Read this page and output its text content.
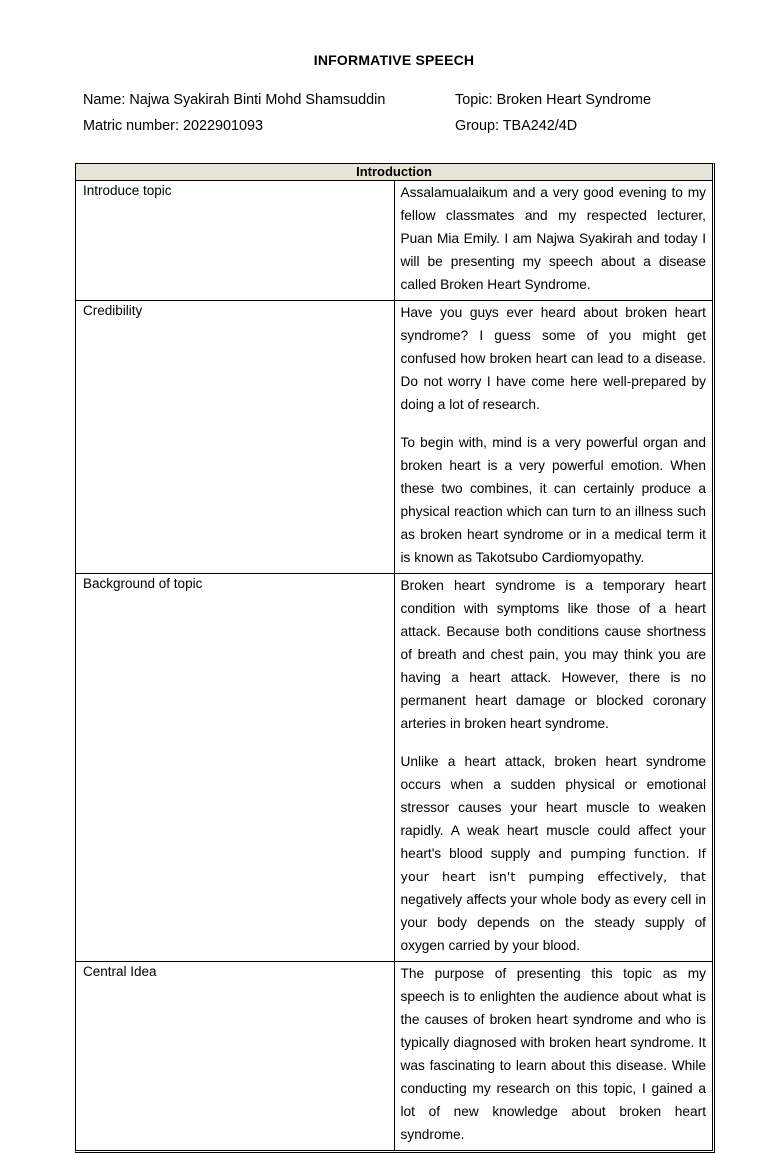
INFORMATIVE SPEECH
Name: Najwa Syakirah Binti Mohd Shamsuddin	Topic: Broken Heart Syndrome
Matric number: 2022901093	Group: TBA242/4D
Introduction	
Introduce topic	Assalamualaikum and a very good evening to my fellow classmates and my respected lecturer, Puan Mia Emily. I am Najwa Syakirah and today I will be presenting my speech about a disease called Broken Heart Syndrome.

Credibility	Have you guys ever heard about broken heart syndrome? I guess some of you might get confused how broken heart can lead to a disease. Do not worry I have come here well-prepared by doing a lot of research.

To begin with, mind is a very powerful organ and broken heart is a very powerful emotion. When these two combines, it can certainly produce a physical reaction which can turn to an illness such as broken heart syndrome or in a medical term it is known as Takotsubo Cardiomyopathy.

Background of topic	Broken heart syndrome is a temporary heart condition with symptoms like those of a heart attack. Because both conditions cause shortness of breath and chest pain, you may think you are having a heart attack. However, there is no permanent heart damage or blocked coronary arteries in broken heart syndrome.

Unlike a heart attack, broken heart syndrome occurs when a sudden physical or emotional stressor causes your heart muscle to weaken rapidly. A weak heart muscle could affect your heart's blood supply and pumping function. If your heart isn't pumping effectively, that negatively affects your whole body as every cell in your body depends on the steady supply of oxygen carried by your blood.

Central Idea	The purpose of presenting this topic as my speech is to enlighten the audience about what is the causes of broken heart syndrome and who is typically diagnosed with broken heart syndrome. It was fascinating to learn about this disease. While conducting my research on this topic, I gained a lot of new knowledge about broken heart syndrome.
